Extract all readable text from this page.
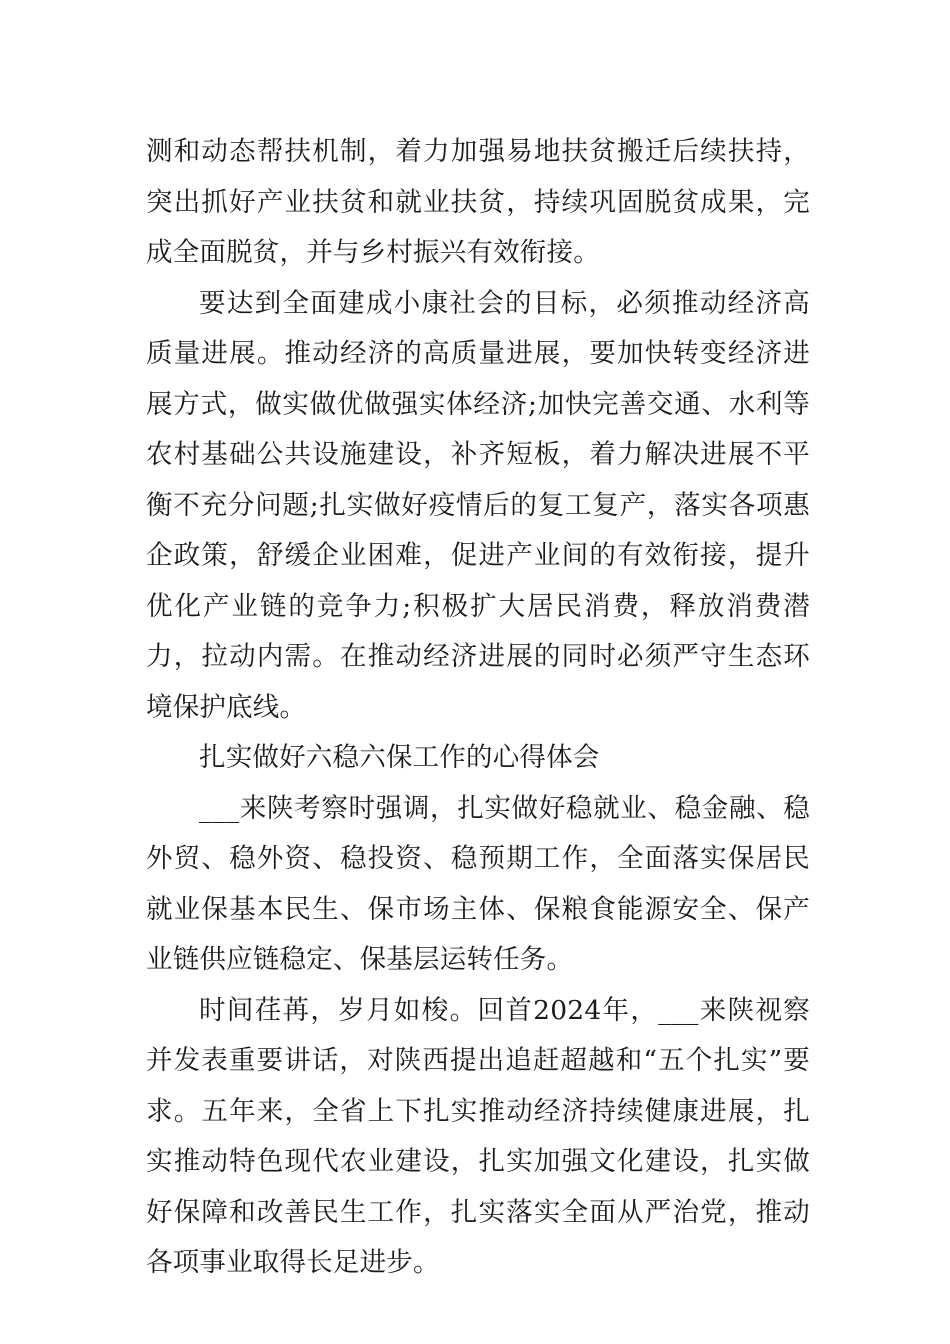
测和动态帮扶机制，着力加强易地扶贫搬迁后续扶持，突出抓好产业扶贫和就业扶贫，持续巩固脱贫成果，完成全面脱贫，并与乡村振兴有效衔接。

要达到全面建成小康社会的目标，必须推动经济高质量进展。推动经济的高质量进展，要加快转变经济进展方式，做实做优做强实体经济;加快完善交通、水利等农村基础公共设施建设，补齐短板，着力解决进展不平衡不充分问题;扎实做好疫情后的复工复产，落实各项惠企政策，舒缓企业困难，促进产业间的有效衔接，提升优化产业链的竞争力;积极扩大居民消费，释放消费潜力，拉动内需。在推动经济进展的同时必须严守生态环境保护底线。

扎实做好六稳六保工作的心得体会

___来陕考察时强调，扎实做好稳就业、稳金融、稳外贸、稳外资、稳投资、稳预期工作，全面落实保居民就业保基本民生、保市场主体、保粮食能源安全、保产业链供应链稳定、保基层运转任务。

时间荏苒，岁月如梭。回首2024年，___来陕视察并发表重要讲话，对陕西提出追赶超越和“五个扎实”要求。五年来，全省上下扎实推动经济持续健康进展，扎实推动特色现代农业建设，扎实加强文化建设，扎实做好保障和改善民生工作，扎实落实全面从严治党，推动各项事业取得长足进步。
